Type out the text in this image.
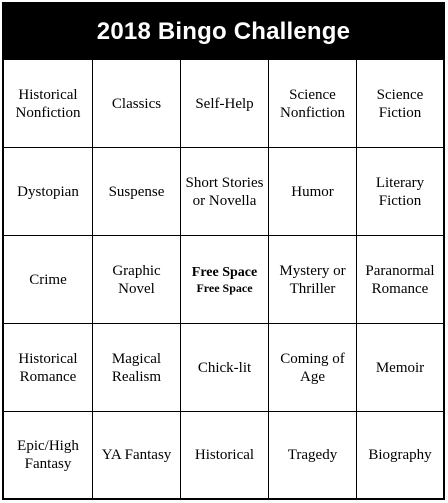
2018 Bingo Challenge
Historical Nonfiction
Classics Self-Help
Science Nonfiction
Science Fiction
Dystopian Suspense
Short Stories or Novella
Humor
Literary Fiction
Crime
Graphic Novel
Free Space
Free Space
Mystery or Thriller
Paranormal Romance
Historical Romance
Magical Realism
Chick-lit
Coming of Age
Memoir
Epic/High Fantasy
YA Fantasy Historical Tragedy Biography
